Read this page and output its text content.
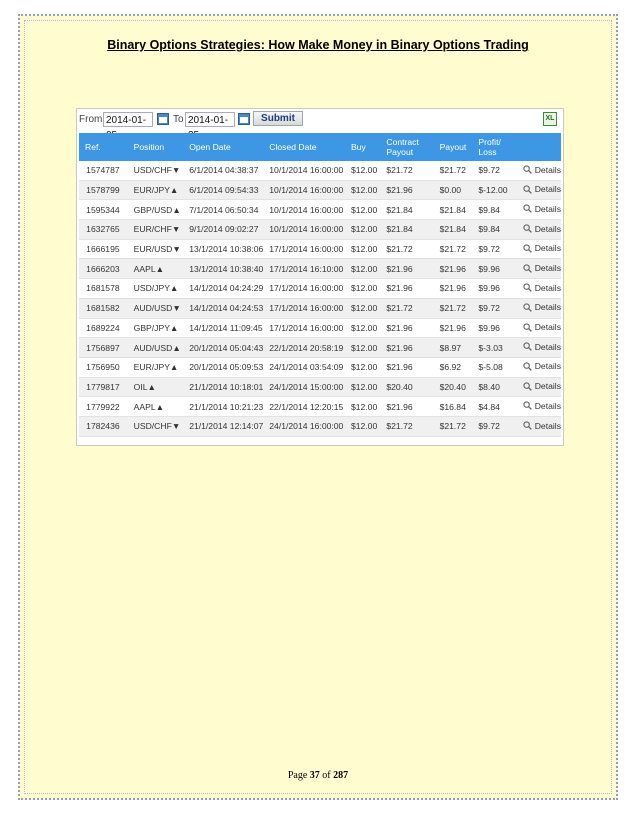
Binary Options Strategies: How Make Money in Binary Options Trading
From 2014-01-	To 2014-01-	Submit	XL
Ref.	Position	Open Date	Closed Date	Buy	Contract Payout	Payout	Profit/ Loss	
1574787	USD/CHF▼	6/1/2014 04:38:37	10/1/2014 16:00:00	$12.00	$21.72	$21.72	$9.72	Details

1578799	EUR/JPY▲	6/1/2014 09:54:33	10/1/2014 16:00:00	$12.00	$21.96	$0.00	$-12.00	Details

1595344	GBP/USD▲	7/1/2014 06:50:34	10/1/2014 16:00:00	$12.00	$21.84	$21.84	$9.84	Details

1632765	EUR/CHF▼	9/1/2014 09:02:27	10/1/2014 16:00:00	$12.00	$21.84	$21.84	$9.84	Details

1666195	EUR/USD▼	13/1/2014 10:38:06	17/1/2014 16:00:00	$12.00	$21.72	$21.72	$9.72	Details

1666203	AAPL▲	13/1/2014 10:38:40	17/1/2014 16:10:00	$12.00	$21.96	$21.96	$9.96	Details

1681578	USD/JPY▲	14/1/2014 04:24:29	17/1/2014 16:00:00	$12.00	$21.96	$21.96	$9.96	Details

1681582	AUD/USD▼	14/1/2014 04:24:53	17/1/2014 16:00:00	$12.00	$21.72	$21.72	$9.72	Details

1689224	GBP/JPY▲	14/1/2014 11:09:45	17/1/2014 16:00:00	$12.00	$21.96	$21.96	$9.96	Details

1756897	AUD/USD▲	20/1/2014 05:04:43	22/1/2014 20:58:19	$12.00	$21.96	$8.97	$-3.03	Details

1756950	EUR/JPY▲	20/1/2014 05:09:53	24/1/2014 03:54:09	$12.00	$21.96	$6.92	$-5.08	Details

1779817	OIL▲	21/1/2014 10:18:01	24/1/2014 15:00:00	$12.00	$20.40	$20.40	$8.40	Details

1779922	AAPL▲	21/1/2014 10:21:23	22/1/2014 12:20:15	$12.00	$21.96	$16.84	$4.84	Details

1782436	USD/CHF▼	21/1/2014 12:14:07	24/1/2014 16:00:00	$12.00	$21.72	$21.72	$9.72	Details
Page 37 of 287
